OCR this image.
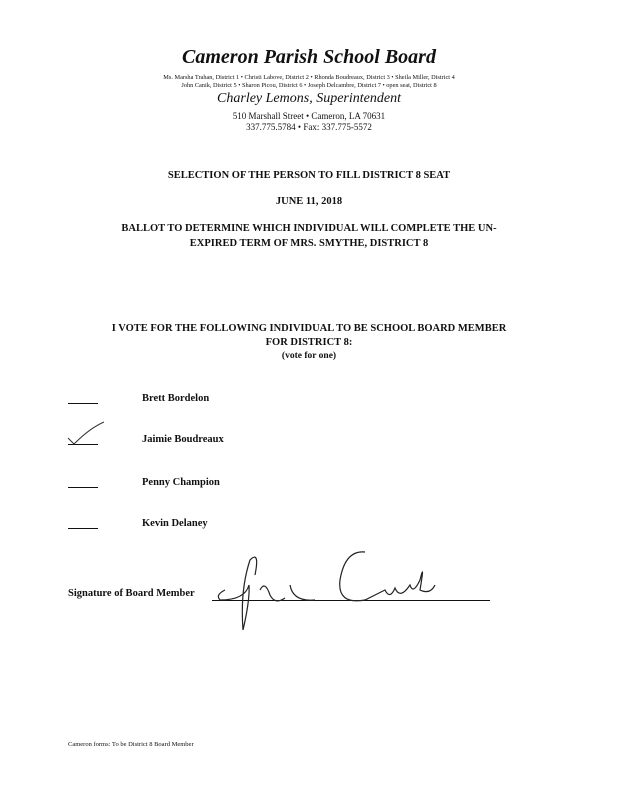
Cameron Parish School Board
Ms. Marsha Trahan, District 1 • Christi Labove, District 2 • Rhonda Boudreaux, District 3 • Sheila Miller, District 4
John Canik, District 5 • Sharon Picou, District 6 • Joseph Delcambre, District 7 • open seat, District 8
Charley Lemons, Superintendent
510 Marshall Street • Cameron, LA 70631
337.775.5784 • Fax: 337.775-5572
SELECTION OF THE PERSON TO FILL DISTRICT 8 SEAT
JUNE 11, 2018
BALLOT TO DETERMINE WHICH INDIVIDUAL WILL COMPLETE THE UN-
EXPIRED TERM OF MRS. SMYTHE, DISTRICT 8
I VOTE FOR THE FOLLOWING INDIVIDUAL TO BE SCHOOL BOARD MEMBER
FOR DISTRICT 8:
(vote for one)
Brett Bordelon
Jaimie Boudreaux
Penny Champion
Kevin Delaney
Signature of Board Member
Cameron forms: To be District 8 Board Member
